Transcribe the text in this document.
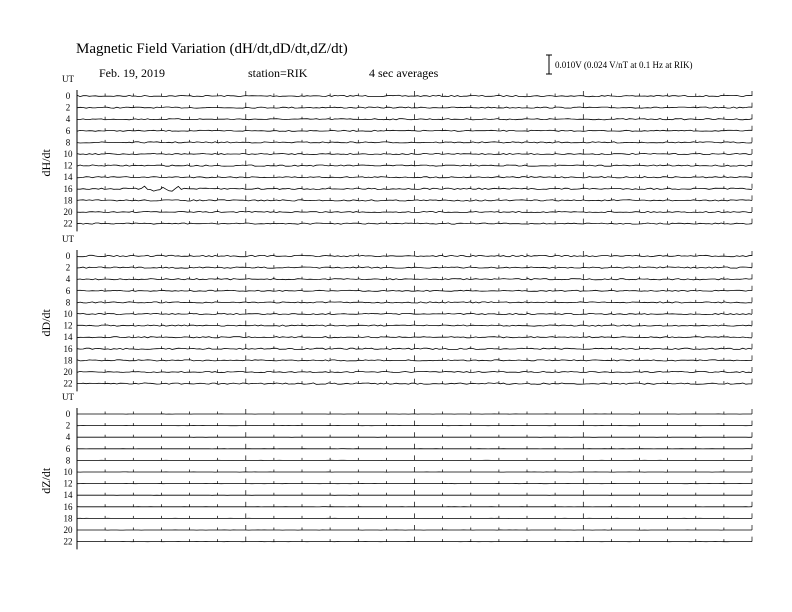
Magnetic Field Variation (dH/dt,dD/dt,dZ/dt)
Feb. 19, 2019	station=RIK	4 sec averages
0.010V (0.024 V/nT at 0.1 Hz at RIK)
UT
dH/dt
0
2
4
6
8
10
12
14
16
18
20
22
UT
dD/dt
0
2
4
6
8
10
12
14
16
18
20
22
UT
dZ/dt
0
2
4
6
8
10
12
14
16
18
20
22
